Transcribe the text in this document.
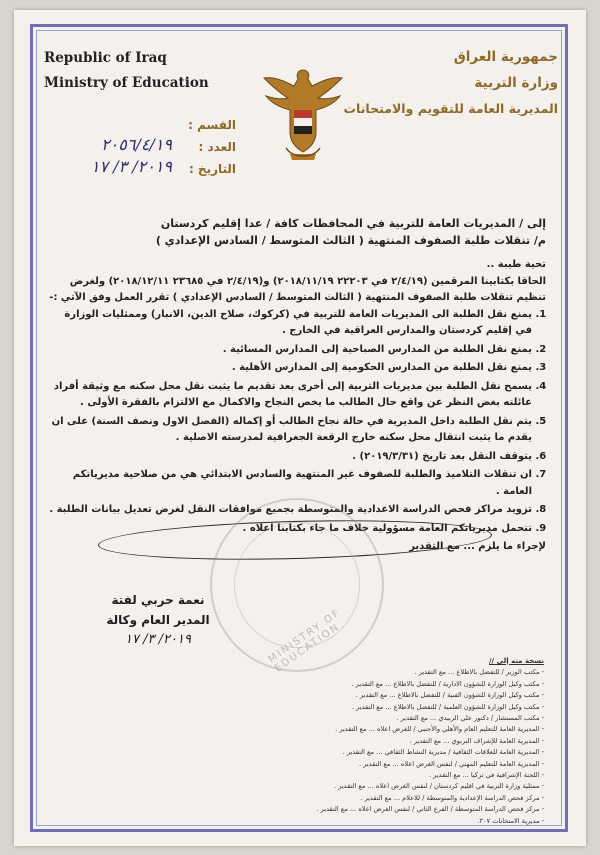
Republic of Iraq
Ministry of Education
جمهورية العراق
وزارة التربية
المديرية العامة للتقويم والامتحانات
القسم :
العدد :
٢٠٥٦/٤/١٩
التاريخ :
٢٠١٩/ ٣/ ١٧

إلى / المديريات العامة للتربية في المحافظات كافة / عدا إقليم كردستان

م/ تنقلات طلبة الصفوف المنتهية ( الثالث المتوسط / السادس الإعدادي )

تحية طيبة ..

الحاقا بكتابينا المرقمين (٢/٤/١٩ في ٢٢٢٠٣ ٢٠١٨/١١/١٩) و(٢/٤/١٩ في ٢٣٦٨٥ ٢٠١٨/١٢/١١) ولغرض تنظيم تنقلات طلبة الصفوف المنتهية ( الثالث المتوسط / السادس الإعدادي ) تقرر العمل وفق الآتي :-

1. يمنع نقل الطلبة الى المديريات العامة للتربية في (كركوك، صلاح الدين، الانبار) وممثليات الوزارة في إقليم كردستان والمدارس العراقية في الخارج .
2. يمنع نقل الطلبة من المدارس الصباحية إلى المدارس المسائية .
3. يمنع نقل الطلبة من المدارس الحكومية إلى المدارس الأهلية .
4. يسمح نقل الطلبة بين مديريات التربية إلى أخرى بعد تقديم ما يثبت نقل محل سكنه مع وثيقة أفراد عائلته بغض النظر عن واقع حال الطالب ما يخص النجاح والاكمال مع الالتزام بالفقرة الأولى .
5. يتم نقل الطلبة داخل المديرية في حالة نجاح الطالب أو إكماله (الفصل الاول ونصف السنة) على ان يقدم ما يثبت انتقال محل سكنه خارج الرقعة الجغرافية لمدرسته الاصلية .
6. يتوقف النقل بعد تاريخ (٢٠١٩/٣/٣١) .
7. ان تنقلات التلاميذ والطلبة للصفوف غير المنتهية والسادس الابتدائي هي من صلاحية مديرياتكم العامة .
8. تزويد مراكز فحص الدراسة الاعدادية والمتوسطة بجميع موافقات النقل لغرض تعديل بيانات الطلبة .
9. تتحمل مديرياتكم العامة مسؤولية خلاف ما جاء بكتابنا اعلاه .

لإجراء ما يلزم ... مع التقدير

MINISTRY OF EDUCATION
نعمة حربي لفتة
المدير العام وكالة
٢٠١٩/ ٣/ ١٧
نسخة منه إلى //
- مكتب الوزير / للتفضل بالاطلاع ... مع التقدير .
- مكتب وكيل الوزارة للشؤون الادارية / للتفضل بالاطلاع ... مع التقدير .
- مكتب وكيل الوزارة للشؤون الفنية / للتفضل بالاطلاع ... مع التقدير .
- مكتب وكيل الوزارة للشؤون العلمية / للتفضل بالاطلاع ... مع التقدير .
- مكتب المستشار / دكتور علي الزبيدي ... مع التقدير .
- المديرية العامة للتعليم العام والأهلي والأجنبي / للغرض اعلاه ... مع التقدير .
- المديرية العامة للإشراف التربوي ... مع التقدير .
- المديرية العامة للعلاقات الثقافية / مديرية النشاط الثقافي ... مع التقدير .
- المديرية العامة للتعليم المهني / لنفس الغرض اعلاه ... مع التقدير .
- اللجنة الإشرافية في تركيا ... مع التقدير .
- ممثلية وزارة التربية في اقليم كردستان / لنفس الغرض اعلاه ... مع التقدير .
- مركز فحص الدراسة الإعدادية والمتوسطة / للاعلام ... مع التقدير .
- مركز فحص الدراسة المتوسطة / الفرع الثاني / لنفس الغرض اعلاه ... مع التقدير .
- مديرية الامتحانات ٣٠٧.
